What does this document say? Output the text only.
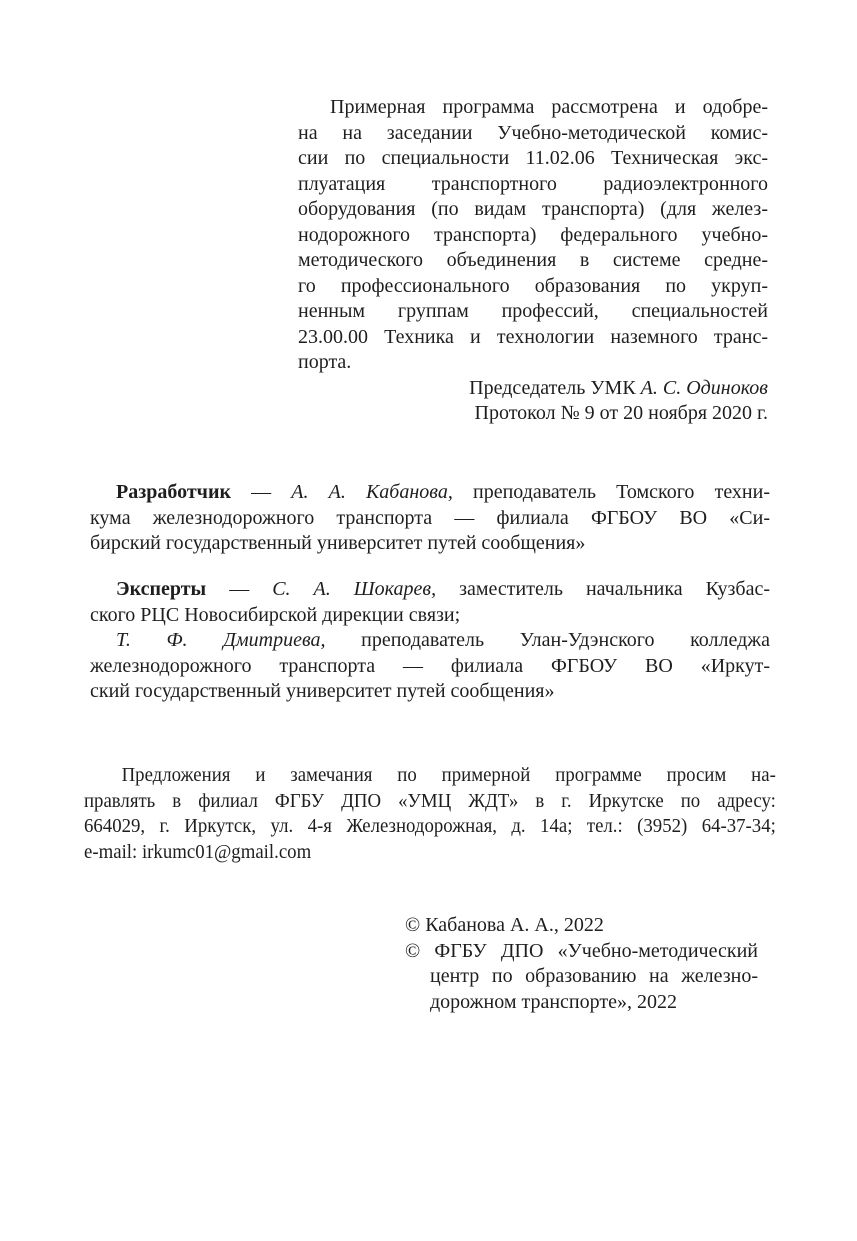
Примерная программа рассмотрена и одобре-
на на заседании Учебно-методической комис-
сии по специальности 11.02.06 Техническая экс-
плуатация транспортного радиоэлектронного
оборудования (по видам транспорта) (для желез-
нодорожного транспорта) федерального учебно-
методического объединения в системе средне-
го профессионального образования по укруп-
ненным группам профессий, специальностей
23.00.00 Техника и технологии наземного транс-
порта.
Председатель УМК А. С. Одиноков
Протокол № 9 от 20 ноября 2020 г.
Разработчик — А. А. Кабанова, преподаватель Томского техни-
кума железнодорожного транспорта — филиала ФГБОУ ВО «Си-
бирский государственный университет путей сообщения»
Эксперты — С. А. Шокарев, заместитель начальника Кузбас-
ского РЦС Новосибирской дирекции связи;
Т. Ф. Дмитриева, преподаватель Улан-Удэнского колледжа
железнодорожного транспорта — филиала ФГБОУ ВО «Иркут-
ский государственный университет путей сообщения»
Предложения и замечания по примерной программе просим на-
правлять в филиал ФГБУ ДПО «УМЦ ЖДТ» в г. Иркутске по адресу:
664029, г. Иркутск, ул. 4-я Железнодорожная, д. 14а; тел.: (3952) 64-37-34;
e-mail: irkumc01@gmail.com
© Кабанова А. А., 2022
© ФГБУ ДПО «Учебно-методический
центр по образованию на железно-
дорожном транспорте», 2022
